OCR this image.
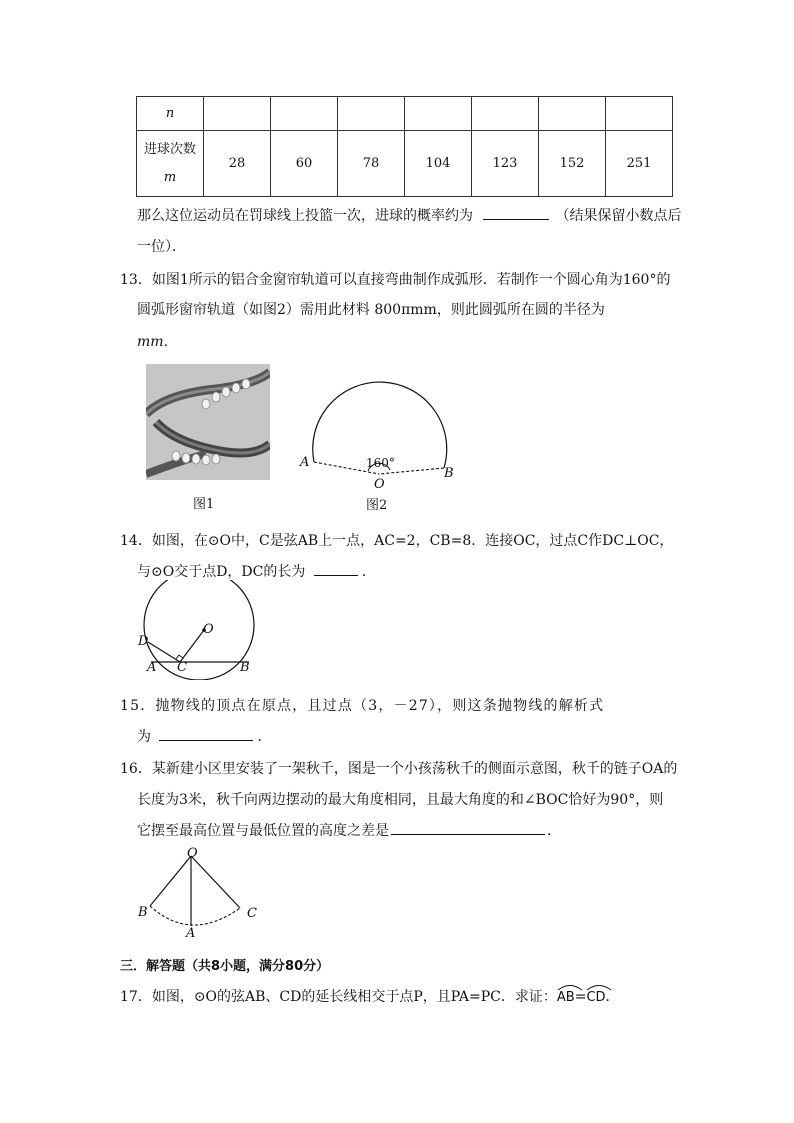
n							
进球次数
m	28	60	78	104	123	152	251
那么这位运动员在罚球线上投篮一次，进球的概率约为	（结果保留小数点后
一位）．
13．如图1所示的铝合金窗帘轨道可以直接弯曲制作成弧形．若制作一个圆心角为160°的
圆弧形窗帘轨道（如图2）需用此材料 800πmm，则此圆弧所在圆的半径为
mm．
图1
A
B
O
160°
图2
14．如图，在⊙O中，C是弦AB上一点，AC=2，CB=8．连接OC，过点C作DC⊥OC，
与⊙O交于点D，DC的长为	．
D
O
A C	B
15．抛物线的顶点在原点，且过点（3，－27），则这条抛物线的解析式
为	．
16．某新建小区里安装了一架秋千，图是一个小孩荡秋千的侧面示意图，秋千的链子OA的
长度为3米，秋千向两边摆动的最大角度相同，且最大角度的和∠BOC恰好为90°，则
它摆至最高位置与最低位置的高度之差是	．
O
B	C
A
三．解答题（共8小题，满分80分）
17．如图，⊙O的弦AB、CD的延长线相交于点P，且PA=PC．求证：
AB=
CD．
